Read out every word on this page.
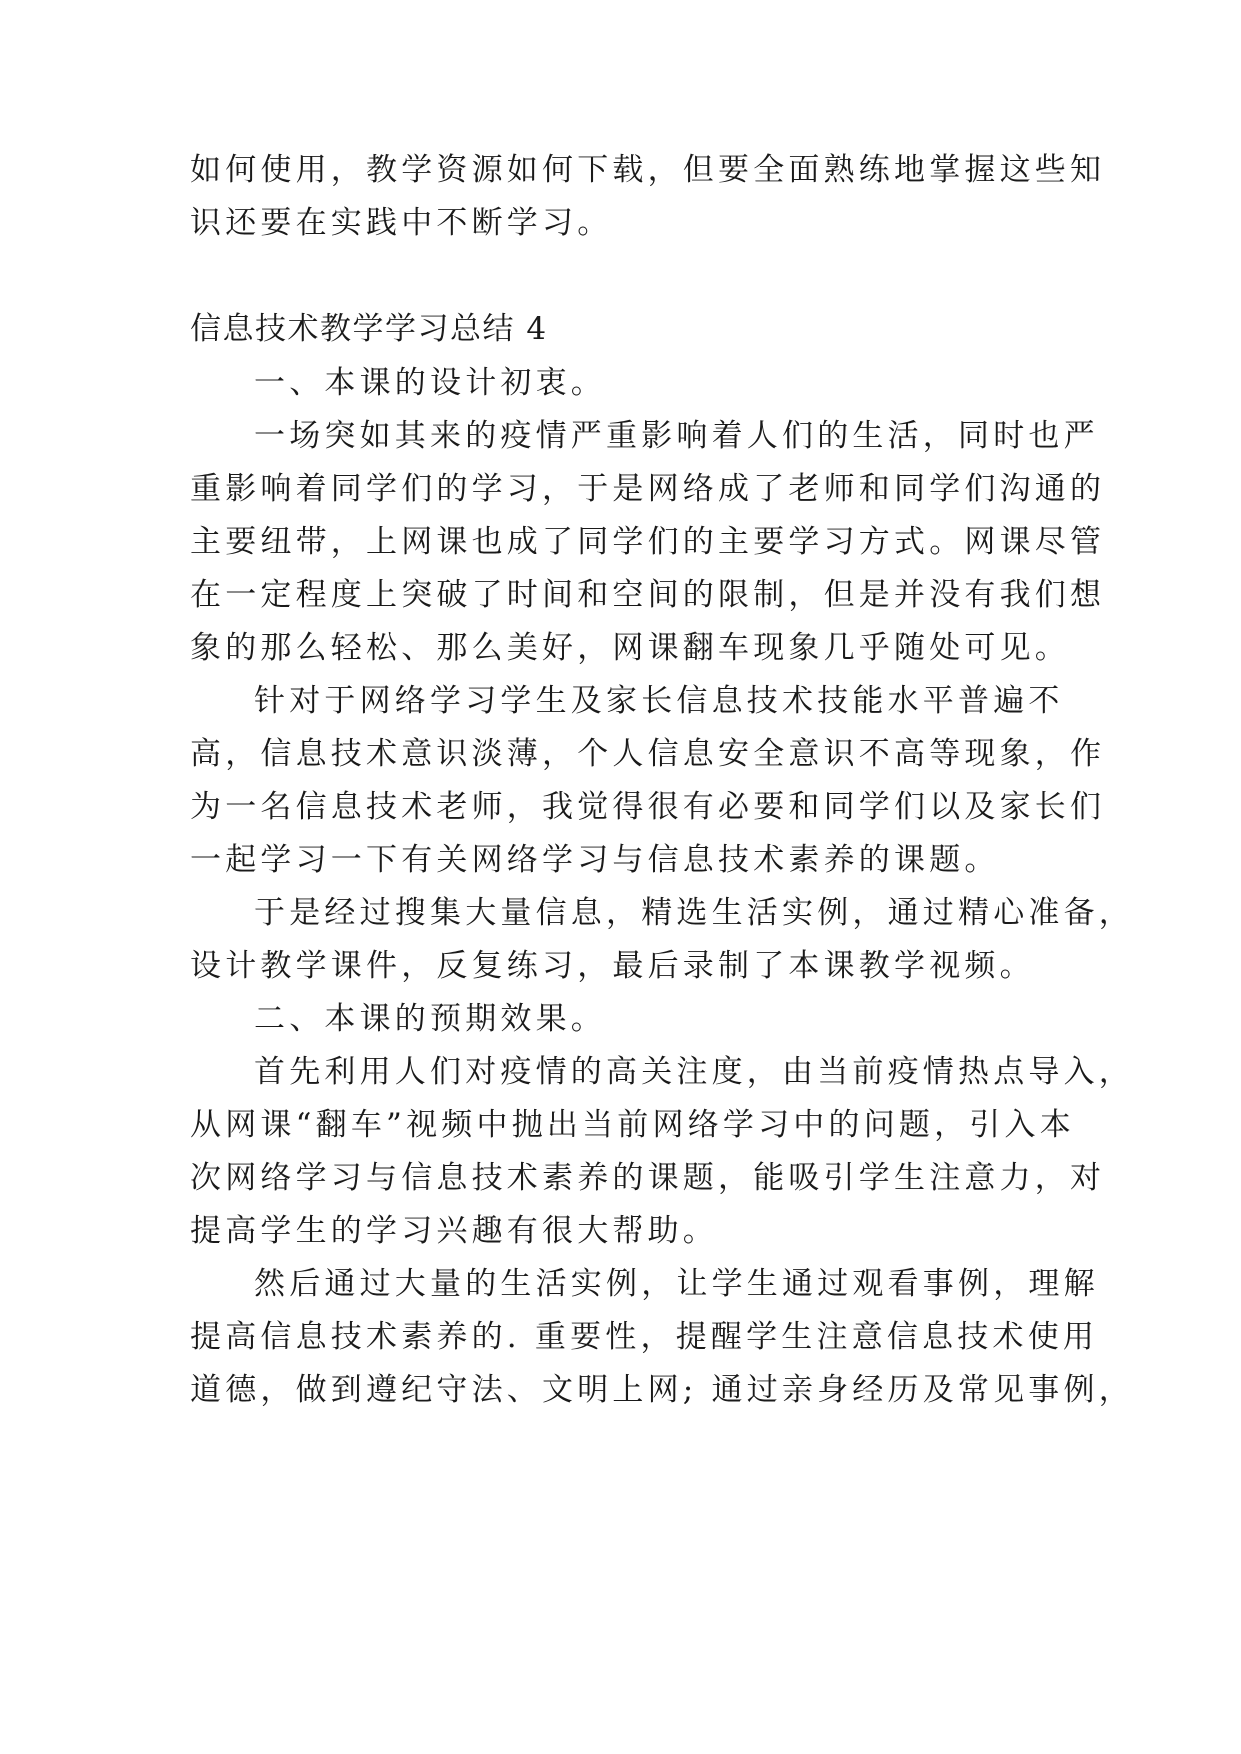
如何使用，教学资源如何下载，但要全面熟练地掌握这些知
识还要在实践中不断学习。
信息技术教学学习总结 4
一、本课的设计初衷。
一场突如其来的疫情严重影响着人们的生活，同时也严
重影响着同学们的学习，于是网络成了老师和同学们沟通的
主要纽带，上网课也成了同学们的主要学习方式。网课尽管
在一定程度上突破了时间和空间的限制，但是并没有我们想
象的那么轻松、那么美好，网课翻车现象几乎随处可见。
针对于网络学习学生及家长信息技术技能水平普遍不
高，信息技术意识淡薄，个人信息安全意识不高等现象，作
为一名信息技术老师，我觉得很有必要和同学们以及家长们
一起学习一下有关网络学习与信息技术素养的课题。
于是经过搜集大量信息，精选生活实例，通过精心准备，
设计教学课件，反复练习，最后录制了本课教学视频。
二、本课的预期效果。
首先利用人们对疫情的高关注度，由当前疫情热点导入，
从网课“翻车”视频中抛出当前网络学习中的问题，引入本
次网络学习与信息技术素养的课题，能吸引学生注意力，对
提高学生的学习兴趣有很大帮助。
然后通过大量的生活实例，让学生通过观看事例，理解
提高信息技术素养的. 重要性，提醒学生注意信息技术使用
道德，做到遵纪守法、文明上网; 通过亲身经历及常见事例，
